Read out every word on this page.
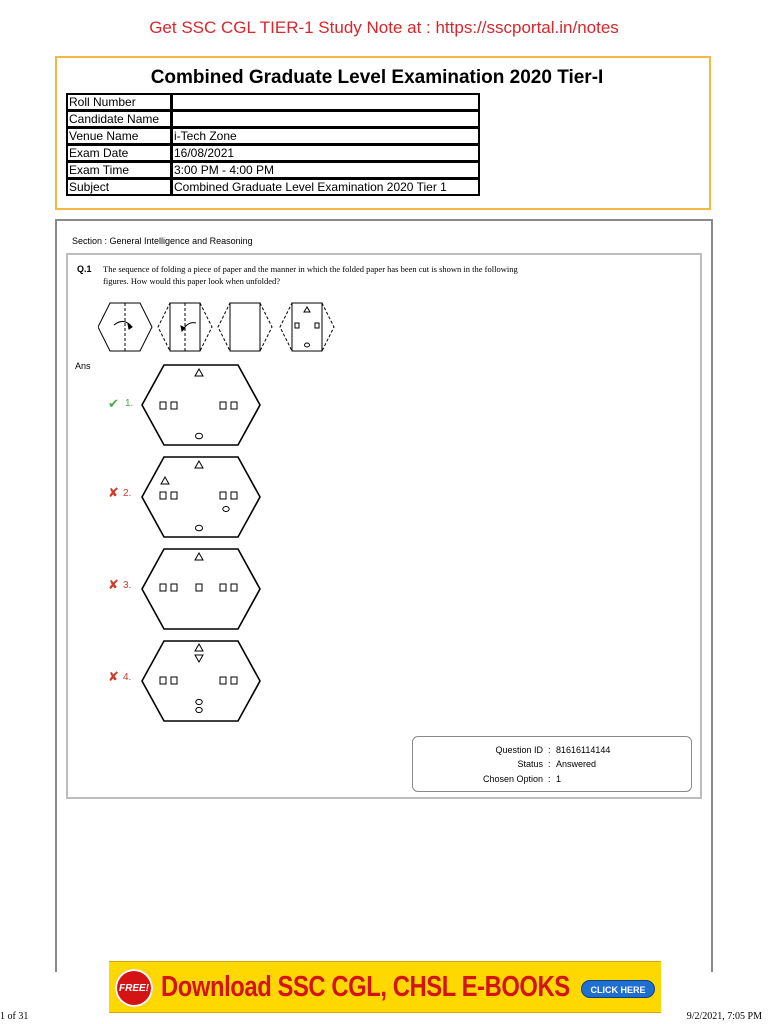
Get SSC CGL TIER-1 Study Note at : https://sscportal.in/notes
Combined Graduate Level Examination 2020 Tier-I
Roll Number	
Candidate Name	
Venue Name	i-Tech Zone
Exam Date	16/08/2021
Exam Time	3:00 PM - 4:00 PM
Subject	Combined Graduate Level Examination 2020 Tier 1
Section : General Intelligence and Reasoning
Q.1 The sequence of folding a piece of paper and the manner in which the folded paper has been cut is shown in the following figures. How would this paper look when unfolded?
Ans
✔ 1.
✘ 2.
✘ 3.
✘ 4.
Question ID : 81616114144
Status : Answered
Chosen Option : 1
FREE! Download SSC CGL, CHSL E-BOOKS	CLICK HERE
1 of 31	9/2/2021, 7:05 PM
